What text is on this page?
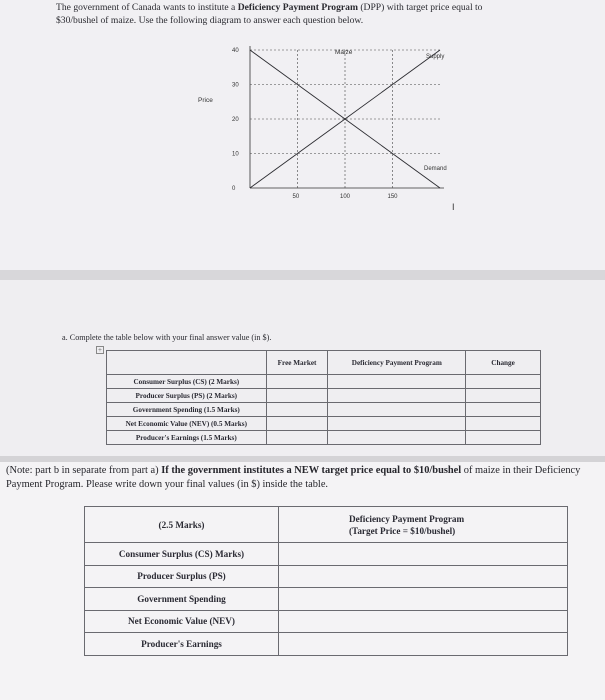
The government of Canada wants to institute a Deficiency Payment Program (DPP) with target price equal to
$30/bushel of maize. Use the following diagram to answer each question below.
0
10
20
30
40
50	100	150
Maize
Price
Supply
Demand
I
a. Complete the table below with your final answer value (in $).
+
	Free Market	Deficiency Payment Program	Change
Consumer Surplus (CS) (2 Marks)			
Producer Surplus (PS) (2 Marks)			
Government Spending (1.5 Marks)			
Net Economic Value (NEV) (0.5 Marks)			
Producer's Earnings (1.5 Marks)			
(Note: part b in separate from part a) If the government institutes a NEW target price equal to $10/bushel of maize in their Deficiency Payment Program. Please write down your final values (in $) inside the table.
(2.5 Marks)	Deficiency Payment Program
(Target Price = $10/bushel)

Consumer Surplus (CS) Marks)	
Producer Surplus (PS)	
Government Spending	
Net Economic Value (NEV)	
Producer's Earnings	
